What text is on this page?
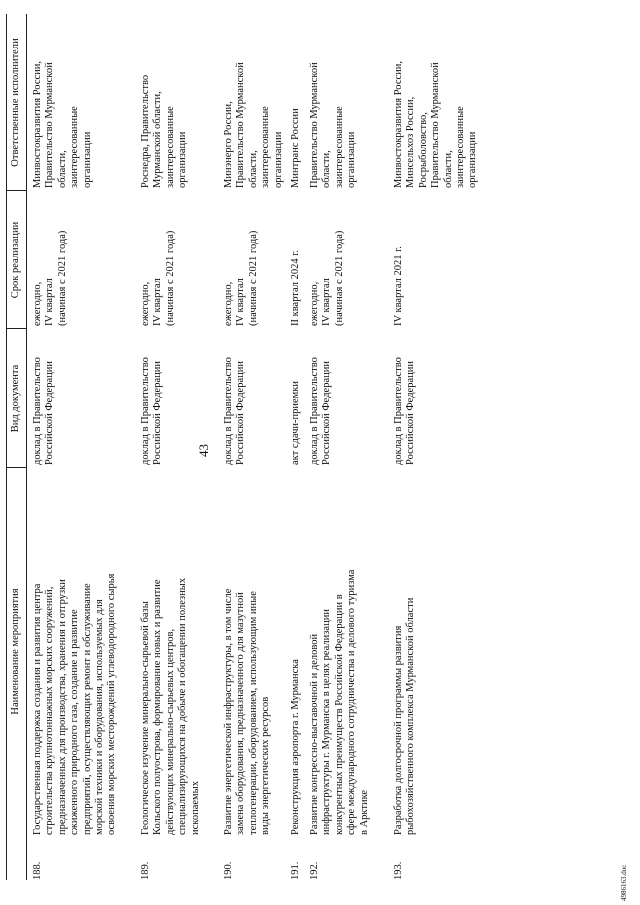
43
4986163.doc
Наименование мероприятия
Вид документа
Срок реализации
Ответственные исполнители
188.
Государственная поддержка создания и развития центра строительства крупнотоннажных морских сооружений, предназначенных для производства, хранения и отгрузки сжиженного природного газа, создание и развитие предприятий, осуществляющих ремонт и обслуживание морской техники и оборудования, используемых для освоения морских месторождений углеводородного сырья
доклад в Правительство Российской Федерации
ежегодно, IV квартал (начиная с 2021 года)
Минвостокразвития России, Правительство Мурманской области, заинтересованные организации
189.
Геологическое изучение минерально-сырьевой базы Кольского полуострова, формирование новых и развитие действующих минерально-сырьевых центров, специализирующихся на добыче и обогащении полезных ископаемых
доклад в Правительство Российской Федерации
ежегодно, IV квартал (начиная с 2021 года)
Роснедра, Правительство Мурманской области, заинтересованные организации
190.
Развитие энергетической инфраструктуры, в том числе замена оборудования, предназначенного для мазутной теплогенерации, оборудованием, использующим иные виды энергетических ресурсов
доклад в Правительство Российской Федерации
ежегодно, IV квартал (начиная с 2021 года)
Минэнерго России, Правительство Мурманской области, заинтересованные организации
191.
Реконструкция аэропорта г. Мурманска
акт сдачи-приемки
II квартал 2024 г.
Минтранс России
192.
Развитие конгрессно-выставочной и деловой инфраструктуры г. Мурманска в целях реализации конкурентных преимуществ Российской Федерации в сфере международного сотрудничества и делового туризма в Арктике
доклад в Правительство Российской Федерации
ежегодно, IV квартал (начиная с 2021 года)
Правительство Мурманской области, заинтересованные организации
193.
Разработка долгосрочной программы развития рыбохозяйственного комплекса Мурманской области
доклад в Правительство Российской Федерации
IV квартал 2021 г.
Минвостокразвития России, Минсельхоз России, Росрыболовство, Правительство Мурманской области, заинтересованные организации
